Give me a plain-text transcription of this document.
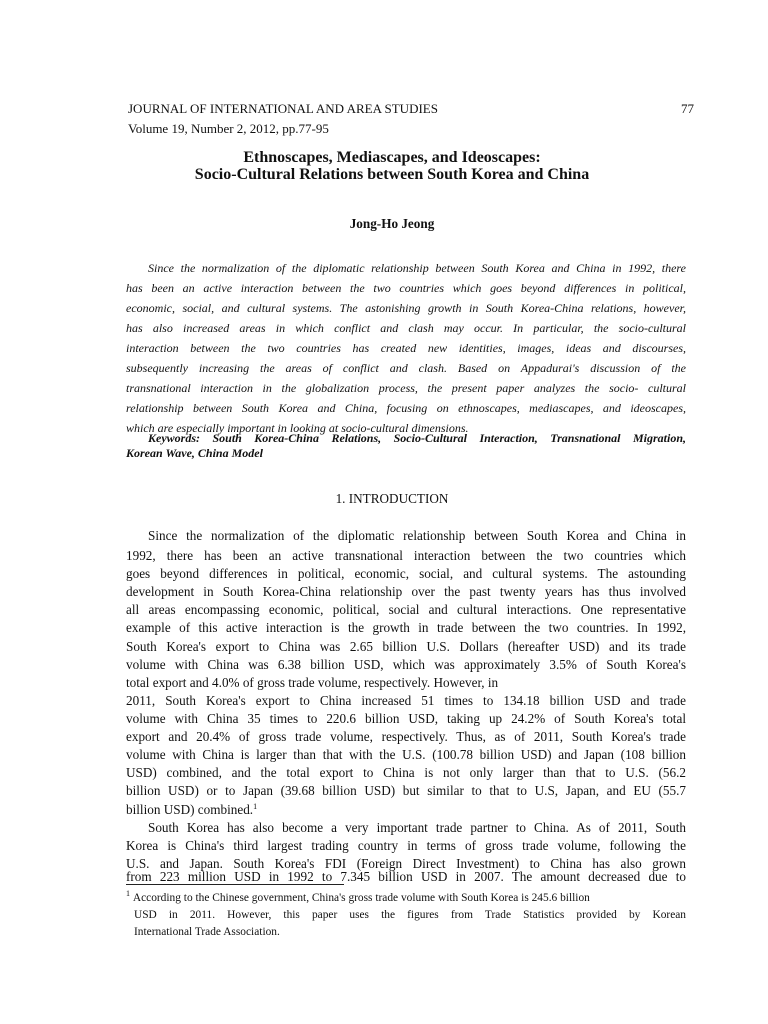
JOURNAL OF INTERNATIONAL AND AREA STUDIES
Volume 19, Number 2, 2012, pp.77-95
77
Ethnoscapes, Mediascapes, and Ideoscapes:
Socio-Cultural Relations between South Korea and China
Jong-Ho Jeong
Since the normalization of the diplomatic relationship between South Korea and China in 1992, there
has been an active interaction between the two countries which goes beyond differences in political,
economic, social, and cultural systems. The astonishing growth in South Korea-China relations, however,
has also increased areas in which conflict and clash may occur. In particular, the socio-cultural
interaction between the two countries has created new identities, images, ideas and discourses,
subsequently increasing the areas of conflict and clash. Based on Appadurai's discussion of the
transnational interaction in the globalization process, the present paper analyzes the socio- cultural
relationship between South Korea and China, focusing on ethnoscapes, mediascapes, and ideoscapes,
which are especially important in looking at socio-cultural dimensions.
Keywords: South Korea-China Relations, Socio-Cultural Interaction, Transnational Migration,
Korean Wave, China Model
1. INTRODUCTION
Since the normalization of the diplomatic relationship between South Korea and China in
1992, there has been an active transnational interaction between the two countries which
goes beyond differences in political, economic, social, and cultural systems. The astounding
development in South Korea-China relationship over the past twenty years has thus involved
all areas encompassing economic, political, social and cultural interactions. One representative
example of this active interaction is the growth in trade between the two countries. In 1992,
South Korea's export to China was 2.65 billion U.S. Dollars (hereafter USD) and its trade
volume with China was 6.38 billion USD, which was approximately 3.5% of South Korea's
total export and 4.0% of gross trade volume, respectively. However, in
2011, South Korea's export to China increased 51 times to 134.18 billion USD and trade
volume with China 35 times to 220.6 billion USD, taking up 24.2% of South Korea's total
export and 20.4% of gross trade volume, respectively. Thus, as of 2011, South Korea's trade
volume with China is larger than that with the U.S. (100.78 billion USD) and Japan (108 billion
USD) combined, and the total export to China is not only larger than that to U.S. (56.2
billion USD) or to Japan (39.68 billion USD) but similar to that to U.S, Japan, and EU (55.7
billion USD) combined.$^1$
South Korea has also become a very important trade partner to China. As of 2011, South
Korea is China's third largest trading country in terms of gross trade volume, following the
U.S. and Japan. South Korea's FDI (Foreign Direct Investment) to China has also grown
from 223 million USD in 1992 to 7.345 billion USD in 2007. The amount decreased due to
$^1$ According to the Chinese government, China's gross trade volume with South Korea is 245.6 billion
USD in 2011. However, this paper uses the figures from Trade Statistics provided by Korean
International Trade Association.
